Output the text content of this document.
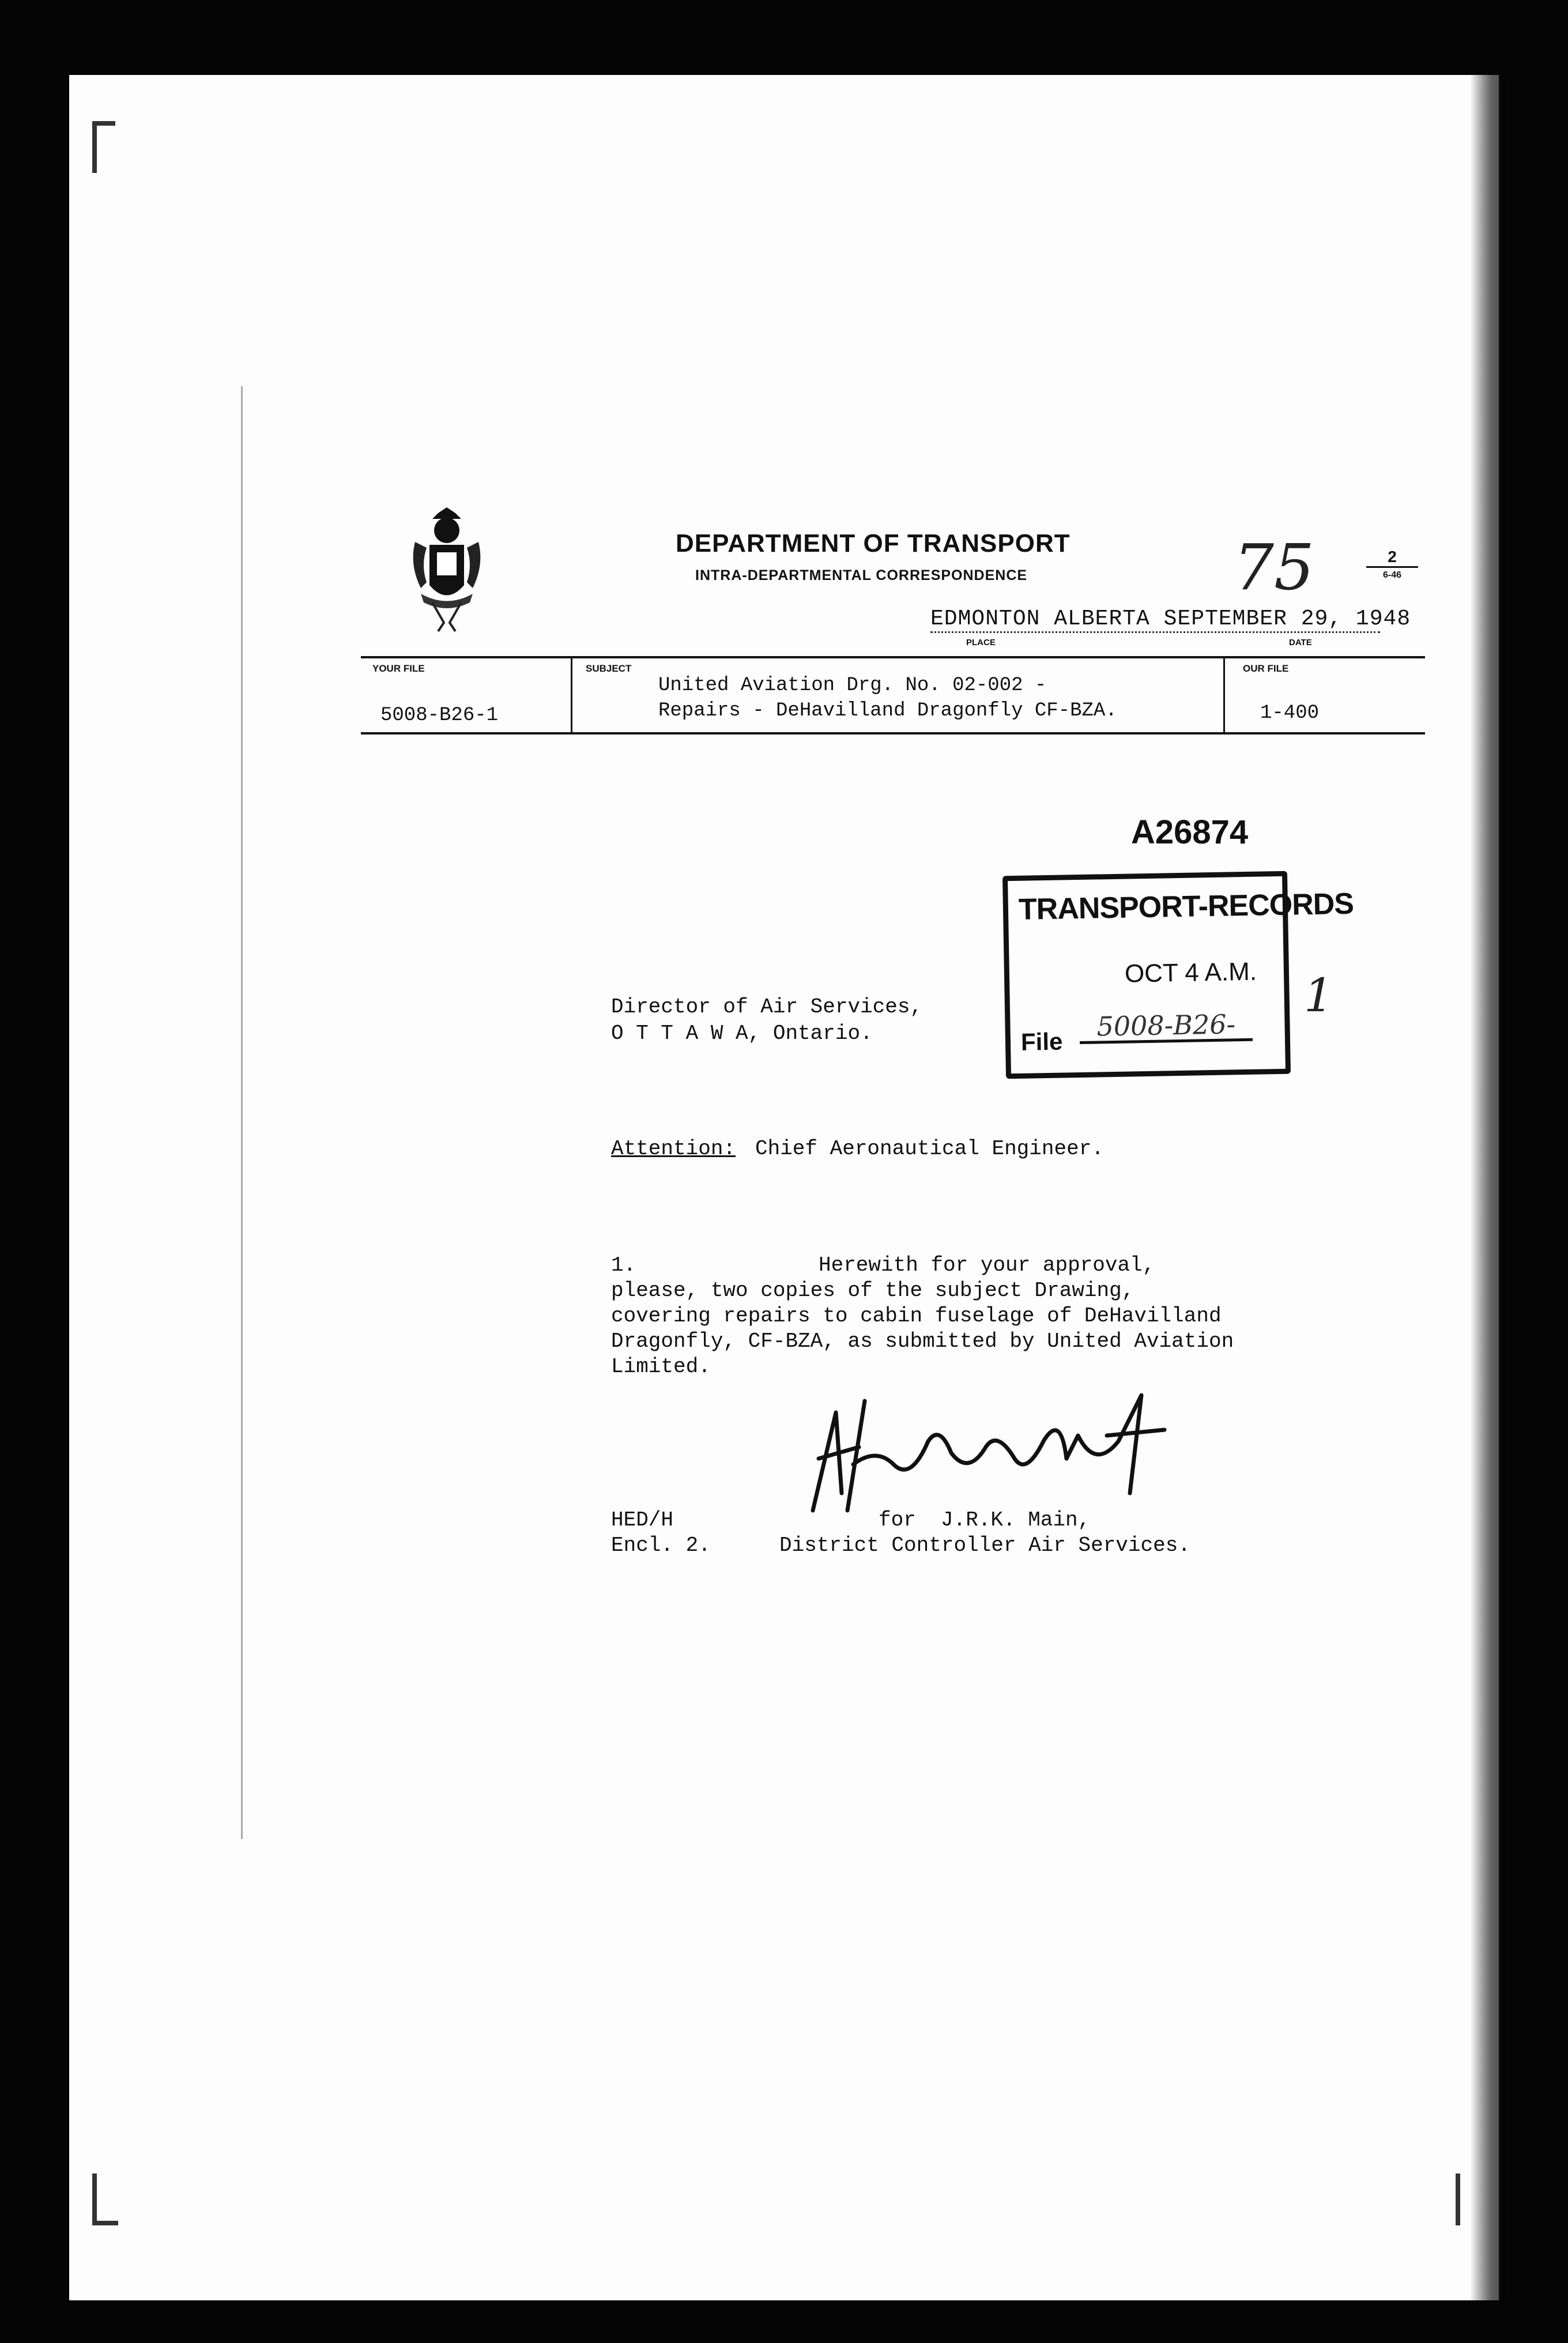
DEPARTMENT OF TRANSPORT
INTRA-DEPARTMENTAL CORRESPONDENCE	75	2
6-46
EDMONTON ALBERTA SEPTEMBER 29, 1948
PLACE	DATE
YOUR FILE
5008-B26-1
SUBJECT
United Aviation Drg. No. 02-002 -
Repairs - DeHavilland Dragonfly CF-BZA.
OUR FILE
1-400
A26874
TRANSPORT-RECORDS
OCT 4 A.M.
File 5008-B26-
1
Director of Air Services,
O T T A W A, Ontario.
Attention: Chief Aeronautical Engineer.
1.	Herewith for your approval,
please, two copies of the subject Drawing,
covering repairs to cabin fuselage of DeHavilland
Dragonfly, CF-BZA, as submitted by United Aviation
Limited.
HED/H
Encl. 2.
for  J.R.K. Main,
District Controller Air Services.
